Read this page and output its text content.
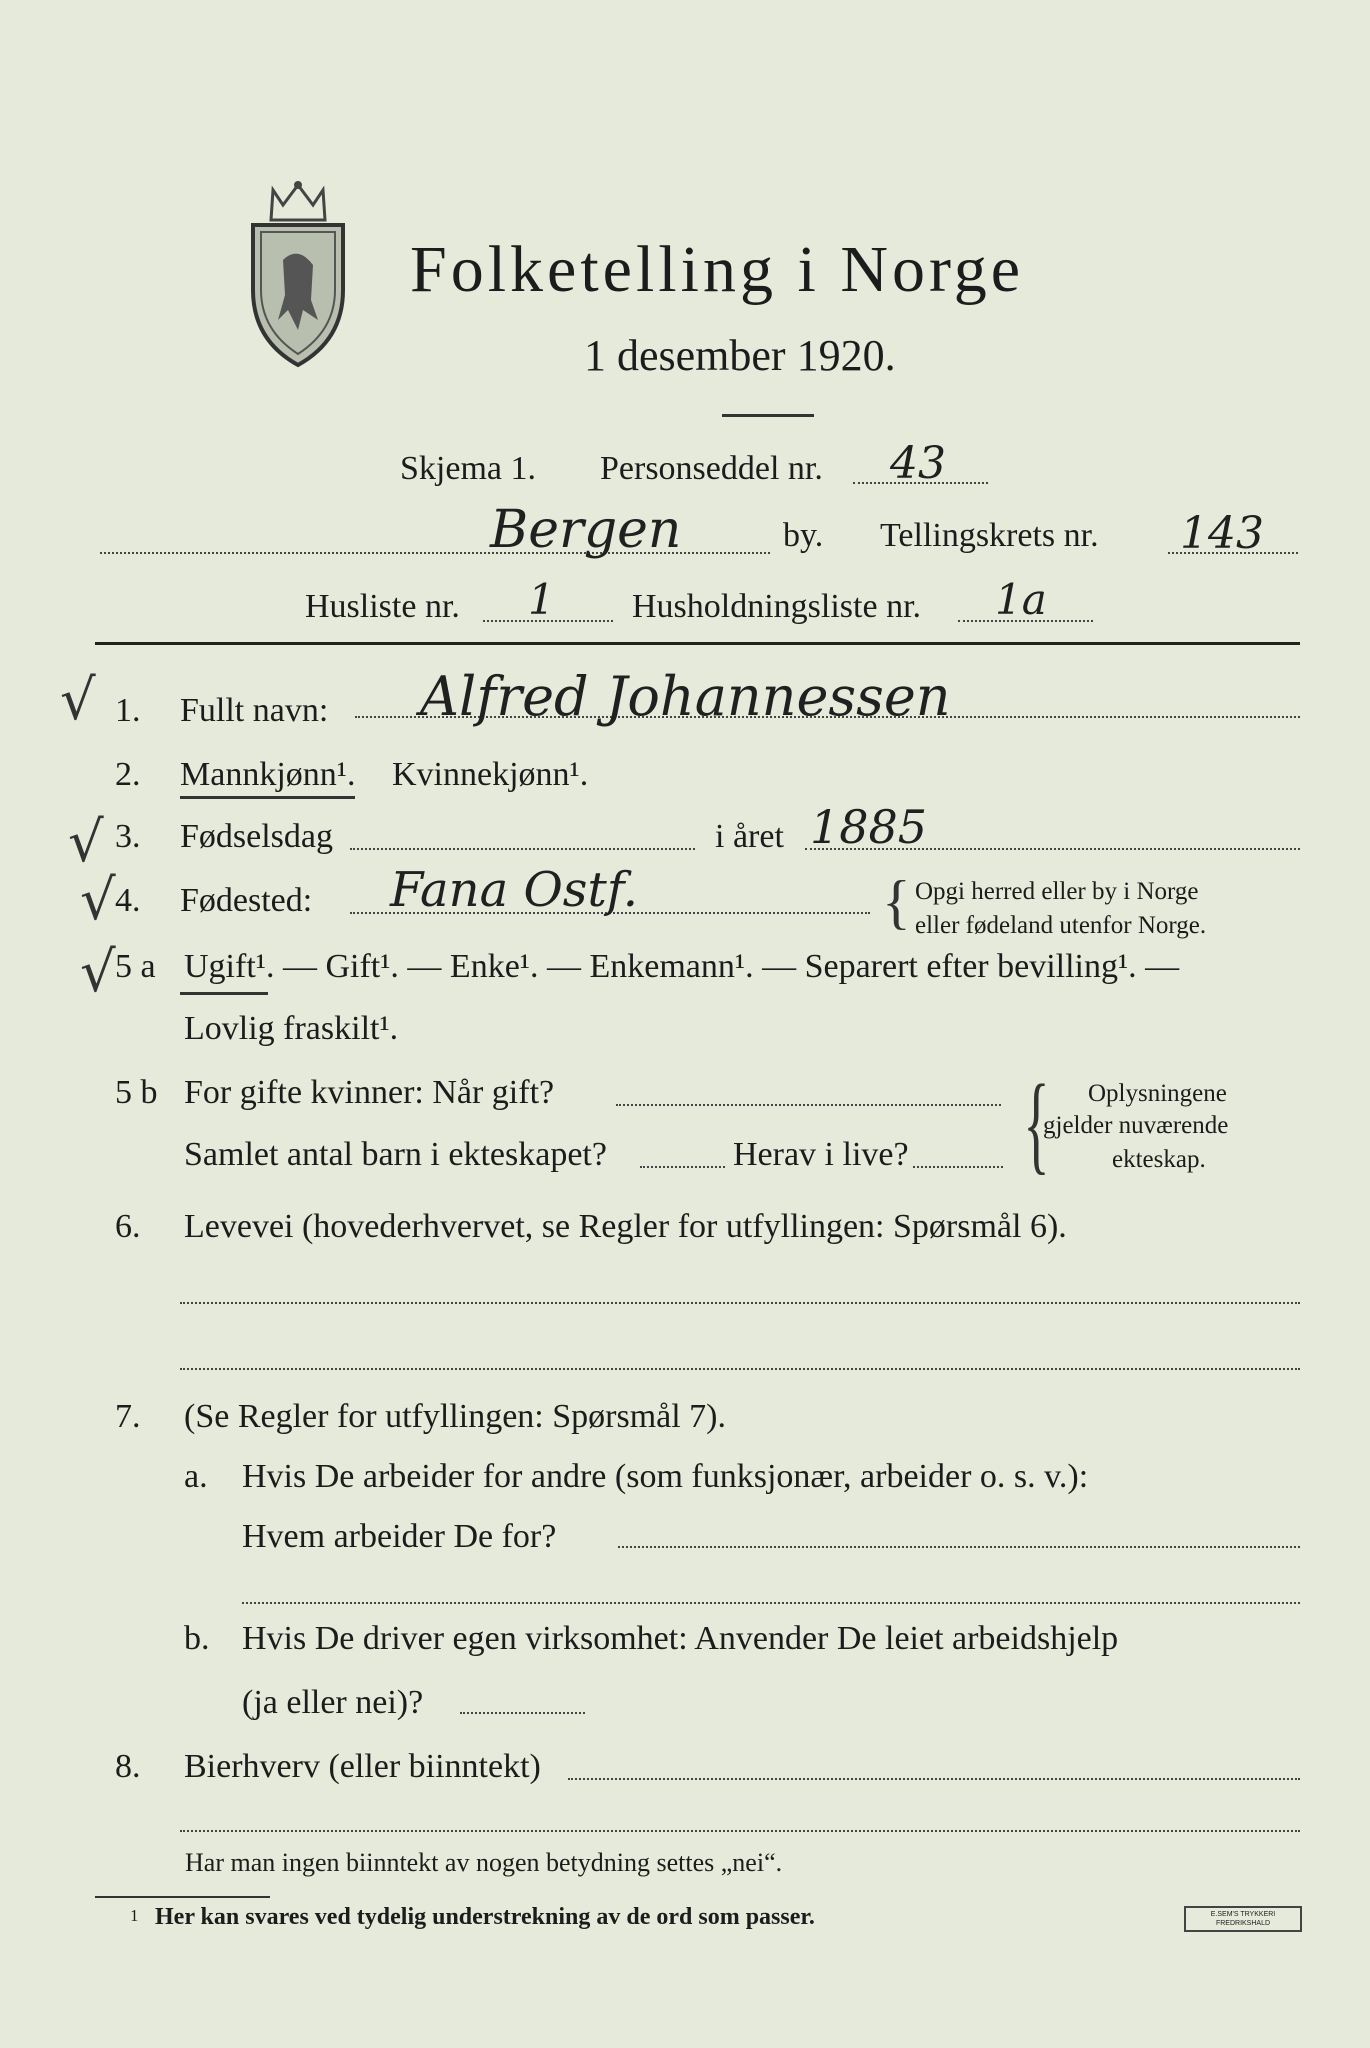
Folketelling i Norge
1 desember 1920.
Skjema 1. Personseddel nr. 43
Bergen	by. Tellingskrets nr. 143
Husliste nr. 1 Husholdningsliste nr. 1a
√
√
√
√
1. Fullt navn: Alfred Johannessen
2. Mannkjønn¹. Kvinnekjønn¹.
3. Fødselsdag	i året 1885
4. Fødested: Fana Ostf.	{ Opgi herred eller by i Norge
eller fødeland utenfor Norge.
5 a Ugift¹. — Gift¹. — Enke¹. — Enkemann¹. — Separert efter bevilling¹. —
Lovlig fraskilt¹.
5 b For gifte kvinner: Når gift?
Samlet antal barn i ekteskapet?	Herav i live? { Oplysningene
gjelder nuværende
ekteskap.
6. Levevei (hovederhvervet, se Regler for utfyllingen: Spørsmål 6).
7. (Se Regler for utfyllingen: Spørsmål 7).
a. Hvis De arbeider for andre (som funksjonær, arbeider o. s. v.):
Hvem arbeider De for?
b. Hvis De driver egen virksomhet: Anvender De leiet arbeidshjelp
(ja eller nei)?
8. Bierhverv (eller biinntekt)
Har man ingen biinntekt av nogen betydning settes „nei“.
1 Her kan svares ved tydelig understrekning av de ord som passer.	E.SEM'S TRYKKERI FREDRIKSHALD
